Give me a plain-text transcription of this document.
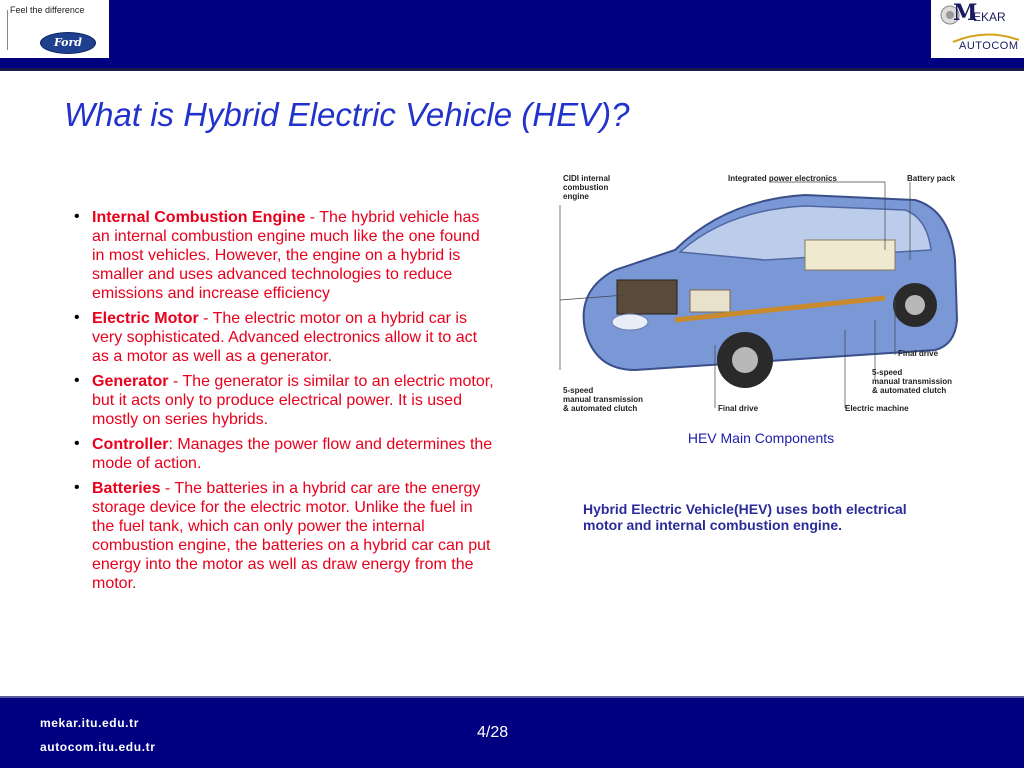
Feel the difference
Ford
M
EKAR
AUTOCOM
What is Hybrid Electric Vehicle (HEV)?
• Internal Combustion Engine - The hybrid vehicle has an internal combustion engine much like the one found in most vehicles. However, the engine on a hybrid is smaller and uses advanced technologies to reduce emissions and increase efficiency
• Electric Motor - The electric motor on a hybrid car is very sophisticated. Advanced electronics allow it to act as a motor as well as a generator.
• Generator - The generator is similar to an electric motor, but it acts only to produce electrical power. It is used mostly on series hybrids.
• Controller: Manages the power flow and determines the mode of action.
• Batteries - The batteries in a hybrid car are the energy storage device for the electric motor. Unlike the fuel in the fuel tank, which can only power the internal combustion engine, the batteries on a hybrid car can put energy into the motor as well as draw energy from the motor.
CIDI internal
combustion
engine
Integrated power electronics	Battery pack
Final drive
5-speed
manual transmission
& automated clutch
5-speed
manual transmission
& automated clutch	Final drive	Electric machine
HEV Main Components
Hybrid Electric Vehicle(HEV) uses both electrical motor and internal combustion engine.
mekar.itu.edu.tr
autocom.itu.edu.tr
4/28
